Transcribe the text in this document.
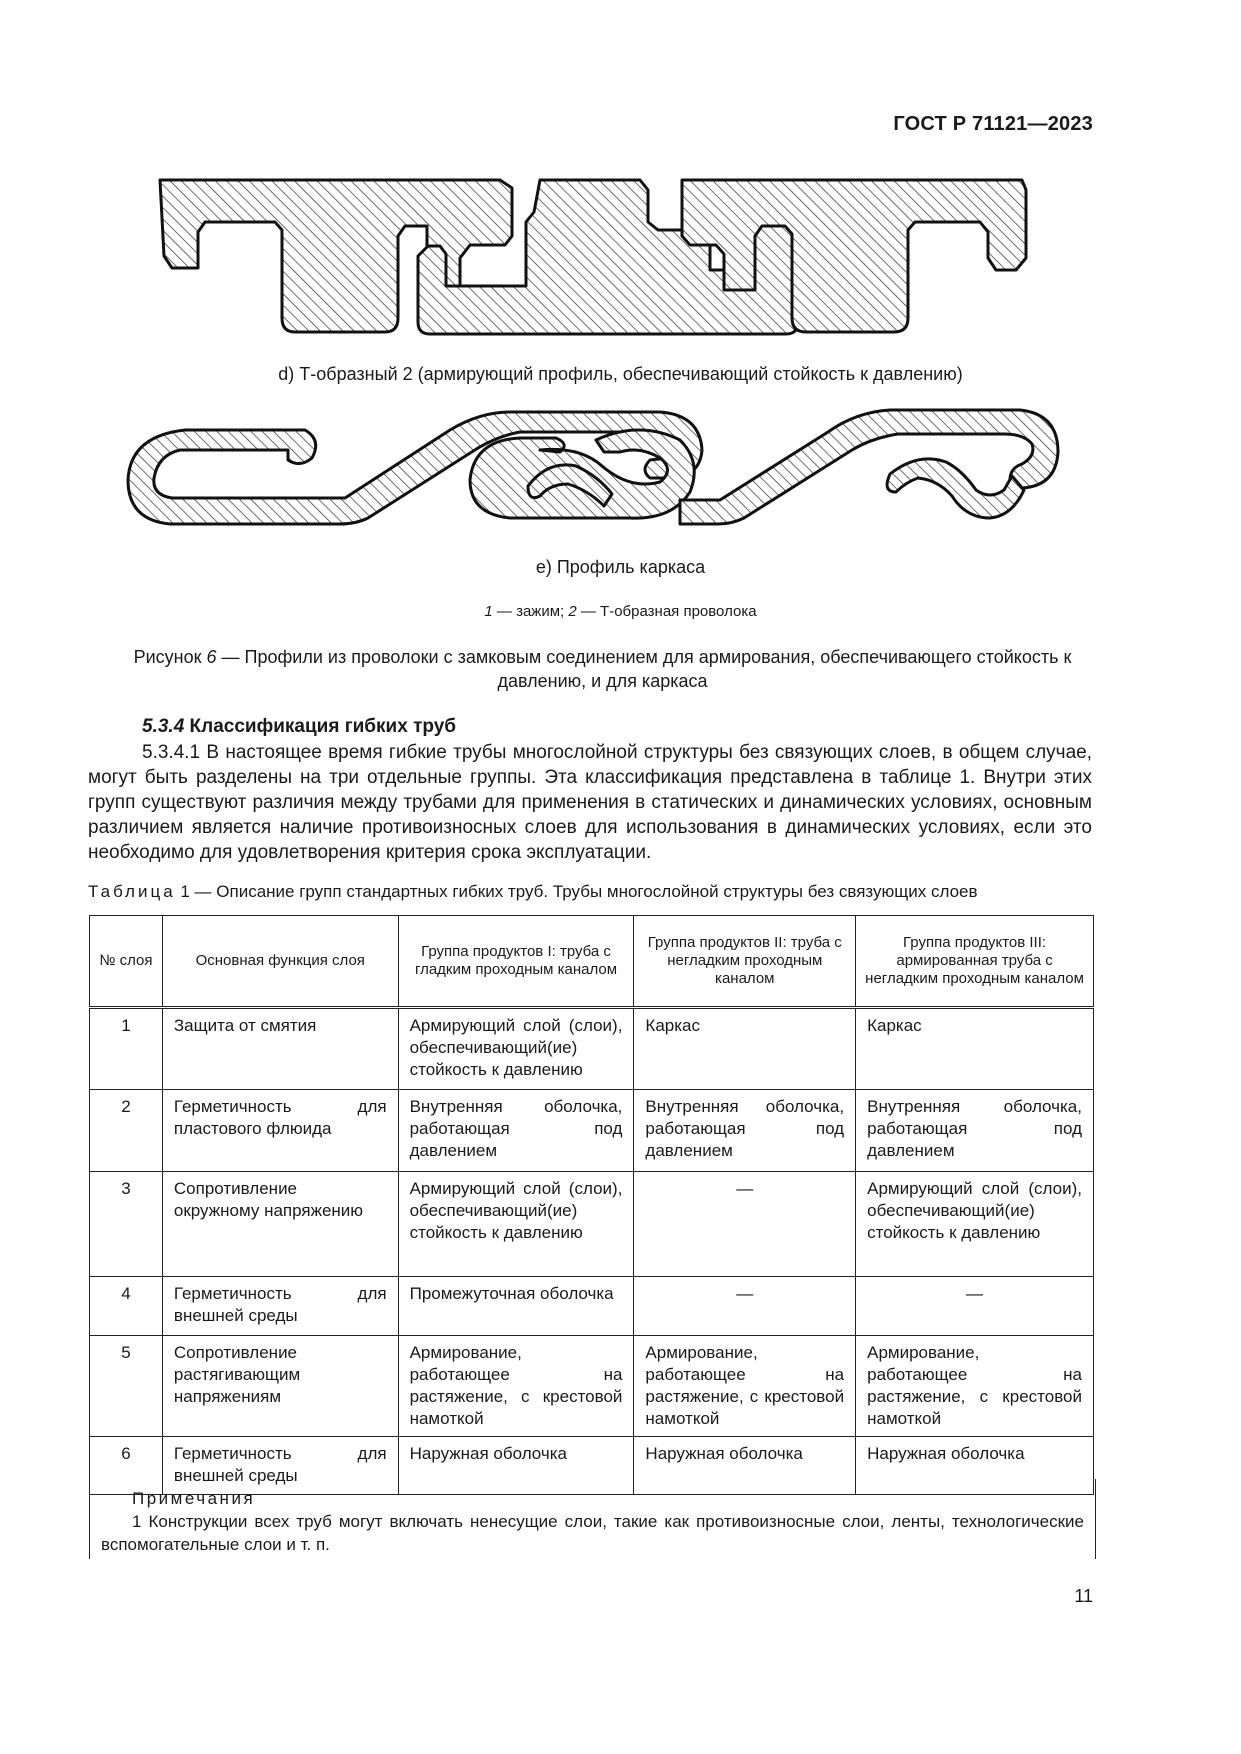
ГОСТ Р 71121—2023
d) Т-образный 2 (армирующий профиль, обеспечивающий стойкость к давлению)
е) Профиль каркаса
1 — зажим; 2 — Т-образная проволока
Рисунок 6 — Профили из проволоки с замковым соединением для армирования, обеспечивающего стойкость к давлению, и для каркаса
5.3.4 Классификация гибких труб
5.3.4.1 В настоящее время гибкие трубы многослойной структуры без связующих слоев, в общем случае, могут быть разделены на три отдельные группы. Эта классификация представлена в таблице 1. Внутри этих групп существуют различия между трубами для применения в статических и динамических условиях, основным различием является наличие противоизносных слоев для использования в динамических условиях, если это необходимо для удовлетворения критерия срока эксплуатации.
Таблица 1 — Описание групп стандартных гибких труб. Трубы многослойной структуры без связующих слоев
№ слоя	Основная функция слоя	Группа продуктов I: труба с гладким проходным каналом	Группа продуктов II: труба с негладким проходным каналом	Группа продуктов III: армированная труба с негладким проходным каналом
1	Защита от смятия	Армирующий слой (слои), обеспечивающий(ие) стойкость к давлению	Каркас	Каркас
2	Герметичность для пластового флюида	Внутренняя оболочка, работающая под давлением	Внутренняя оболочка, работающая под давлением	Внутренняя оболочка, работающая под давлением
3	Сопротивление окружному напряжению	Армирующий слой (слои), обеспечивающий(ие) стойкость к давлению	—	Армирующий слой (слои), обеспечивающий(ие) стойкость к давлению
4	Герметичность для внешней среды	Промежуточная оболочка	—	—
5	Сопротивление растягивающим напряжениям	Армирование, работающее на растяжение, с крестовой намоткой	Армирование, работающее на растяжение, с крестовой намоткой	Армирование, работающее на растяжение, с крестовой намоткой
6	Герметичность для внешней среды	Наружная оболочка	Наружная оболочка	Наружная оболочка
Примечания
1 Конструкции всех труб могут включать ненесущие слои, такие как противоизносные слои, ленты, технологические вспомогательные слои и т. п.
11
